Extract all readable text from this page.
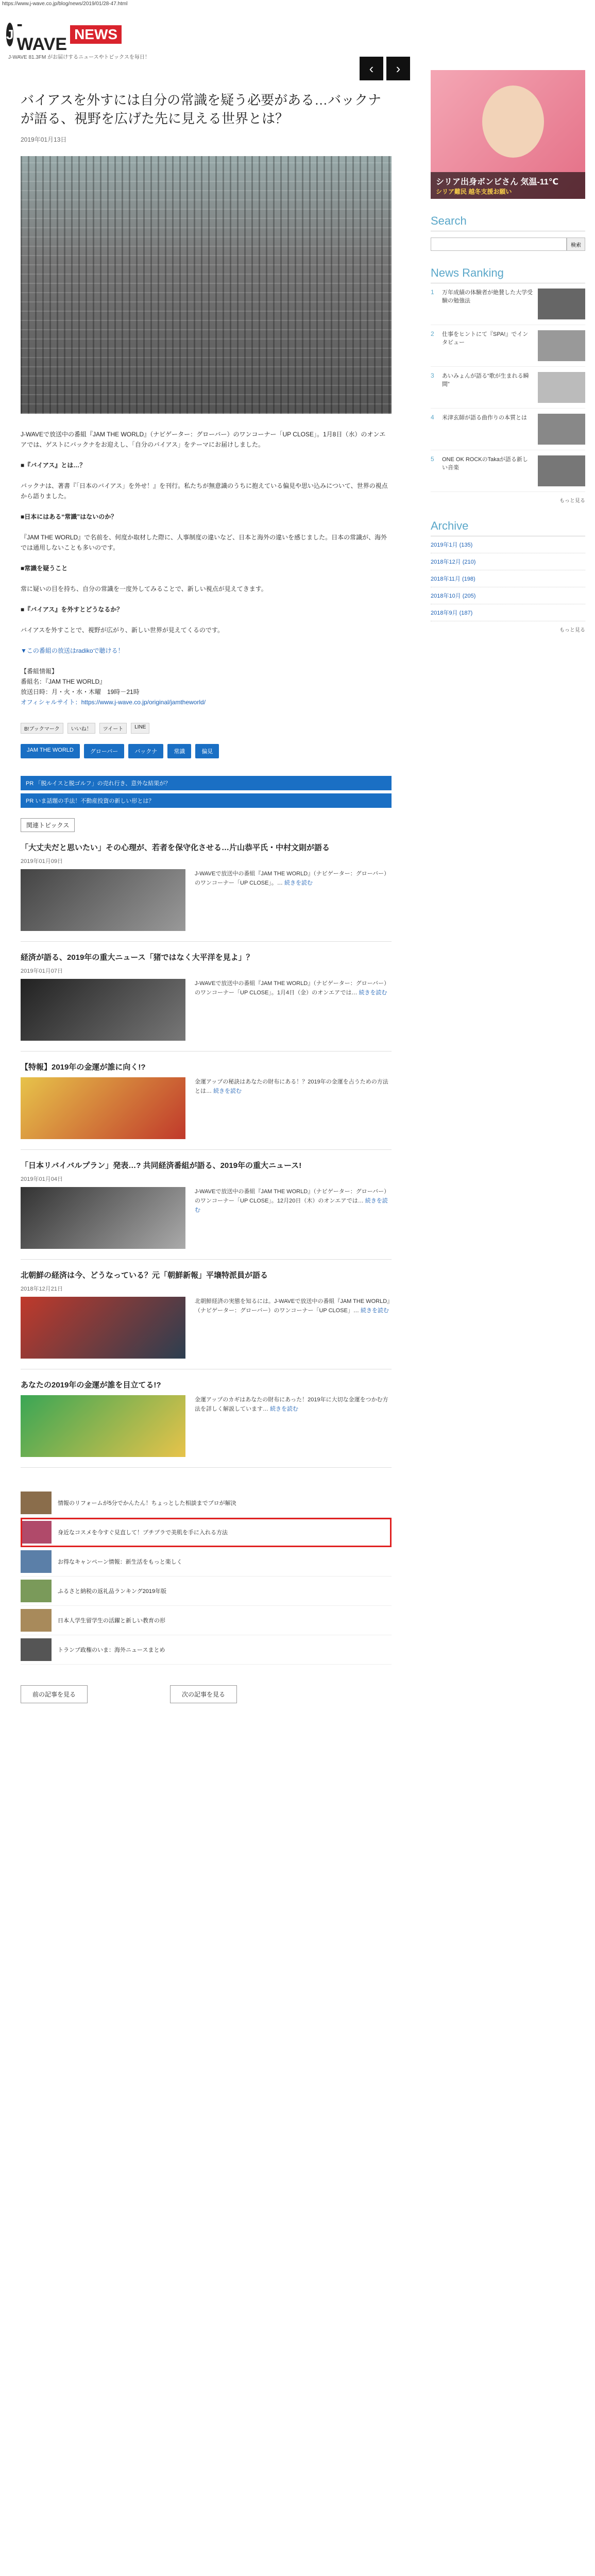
https://www.j-wave.co.jp/blog/news/2019/01/28-47.html
J
-WAVE
NEWS
J-WAVE 81.3FM がお届けするニュースやトピックスを毎日！
‹	›
バイアスを外すには自分の常識を疑う必要がある…バックナが語る、視野を広げた先に見える世界とは？
2019年01月13日

J-WAVEで放送中の番組『JAM THE WORLD』（ナビゲーター：グローバー）のワンコーナー「UP CLOSE」。1月8日（水）のオンエアでは、ゲストにバックナをお迎えし、「自分のバイアス」をテーマにお届けしました。

■『バイアス』とは…？

バックナは、著書『「日本のバイアス」を外せ！』を刊行。私たちが無意識のうちに抱えている偏見や思い込みについて、世界の視点から語りました。

■日本にはある“常識”はないのか？

『JAM THE WORLD』で名前を、何度か取材した際に、人事制度の違いなど、日本と海外の違いを感じました。日本の常識が、海外では通用しないことも多いのです。

■常識を疑うこと

常に疑いの目を持ち、自分の常識を一度外してみることで、新しい視点が見えてきます。

■『バイアス』を外すとどうなるか？

バイアスを外すことで、視野が広がり、新しい世界が見えてくるのです。

▼この番組の放送はradikoで聴ける！

【番組情報】

番組名：『JAM THE WORLD』

放送日時：月・火・水・木曜　19時－21時

オフィシャルサイト：https://www.j-wave.co.jp/original/jamtheworld/

B!ブックマーク	いいね！	ツイート	LINE
JAM THE WORLD	グローバー	バックナ	常識	偏見
PR 「脱ルイスと脱ゴルフ」の売れ行き、意外な結果が？
PR いま話題の手法！不動産投資の新しい形とは？
関連トピックス
「大丈夫だと思いたい」その心理が、若者を保守化させる…片山恭平氏・中村文則が語る
2019年01月09日
J-WAVEで放送中の番組『JAM THE WORLD』（ナビゲーター：グローバー）のワンコーナー「UP CLOSE」。… 続きを読む
経済が語る、2019年の重大ニュース「猪ではなく大平洋を見よ」？
2019年01月07日
J-WAVEで放送中の番組『JAM THE WORLD』（ナビゲーター：グローバー）のワンコーナー「UP CLOSE」。1月4日（金）のオンエアでは… 続きを読む
【特報】2019年の金運が誰に向く!?
金運アップの秘訣はあなたの財布にある！？2019年の金運を占うための方法とは… 続きを読む
「日本リバイバルプラン」発表…? 共同経済番組が語る、2019年の重大ニュース!
2019年01月04日
J-WAVEで放送中の番組『JAM THE WORLD』（ナビゲーター：グローバー）のワンコーナー「UP CLOSE」。12月20日（木）のオンエアでは… 続きを読む
北朝鮮の経済は今、どうなっている？元「朝鮮新報」平壌特派員が語る
2018年12月21日
北朝鮮経済の実態を知るには。J-WAVEで放送中の番組『JAM THE WORLD』（ナビゲーター：グローバー）のワンコーナー「UP CLOSE」… 続きを読む
あなたの2019年の金運が誰を目立てる!?
金運アップのカギはあなたの財布にあった！2019年に大切な金運をつかむ方法を詳しく解説しています… 続きを読む
情報のリフォームが5分でかんたん！ちょっとした相談までプロが解決
身近なコスメを今すぐ見直して！プチプラで美肌を手に入れる方法
お得なキャンペーン情報：新生活をもっと楽しく
ふるさと納税の返礼品ランキング2019年版
日本人学生留学生の活躍と新しい教育の形
トランプ政権のいま：海外ニュースまとめ
前の記事を見る	次の記事を見る
シリア出身ボンビさん 気温-11℃
シリア難民 越冬支援お願い
Search
検索
News Ranking
1	万年成績の体験者が絶賛した大学受験の勉強法
2	仕事をヒントにて『SPA!』でインタビュー
3	あいみょんが語る“歌が生まれる瞬間”
4	米津玄師が語る曲作りの本質とは
5	ONE OK ROCKのTakaが語る新しい音楽
もっと見る
Archive
2019年1月 (135)
2018年12月 (210)
2018年11月 (198)
2018年10月 (205)
2018年9月 (187)
もっと見る
